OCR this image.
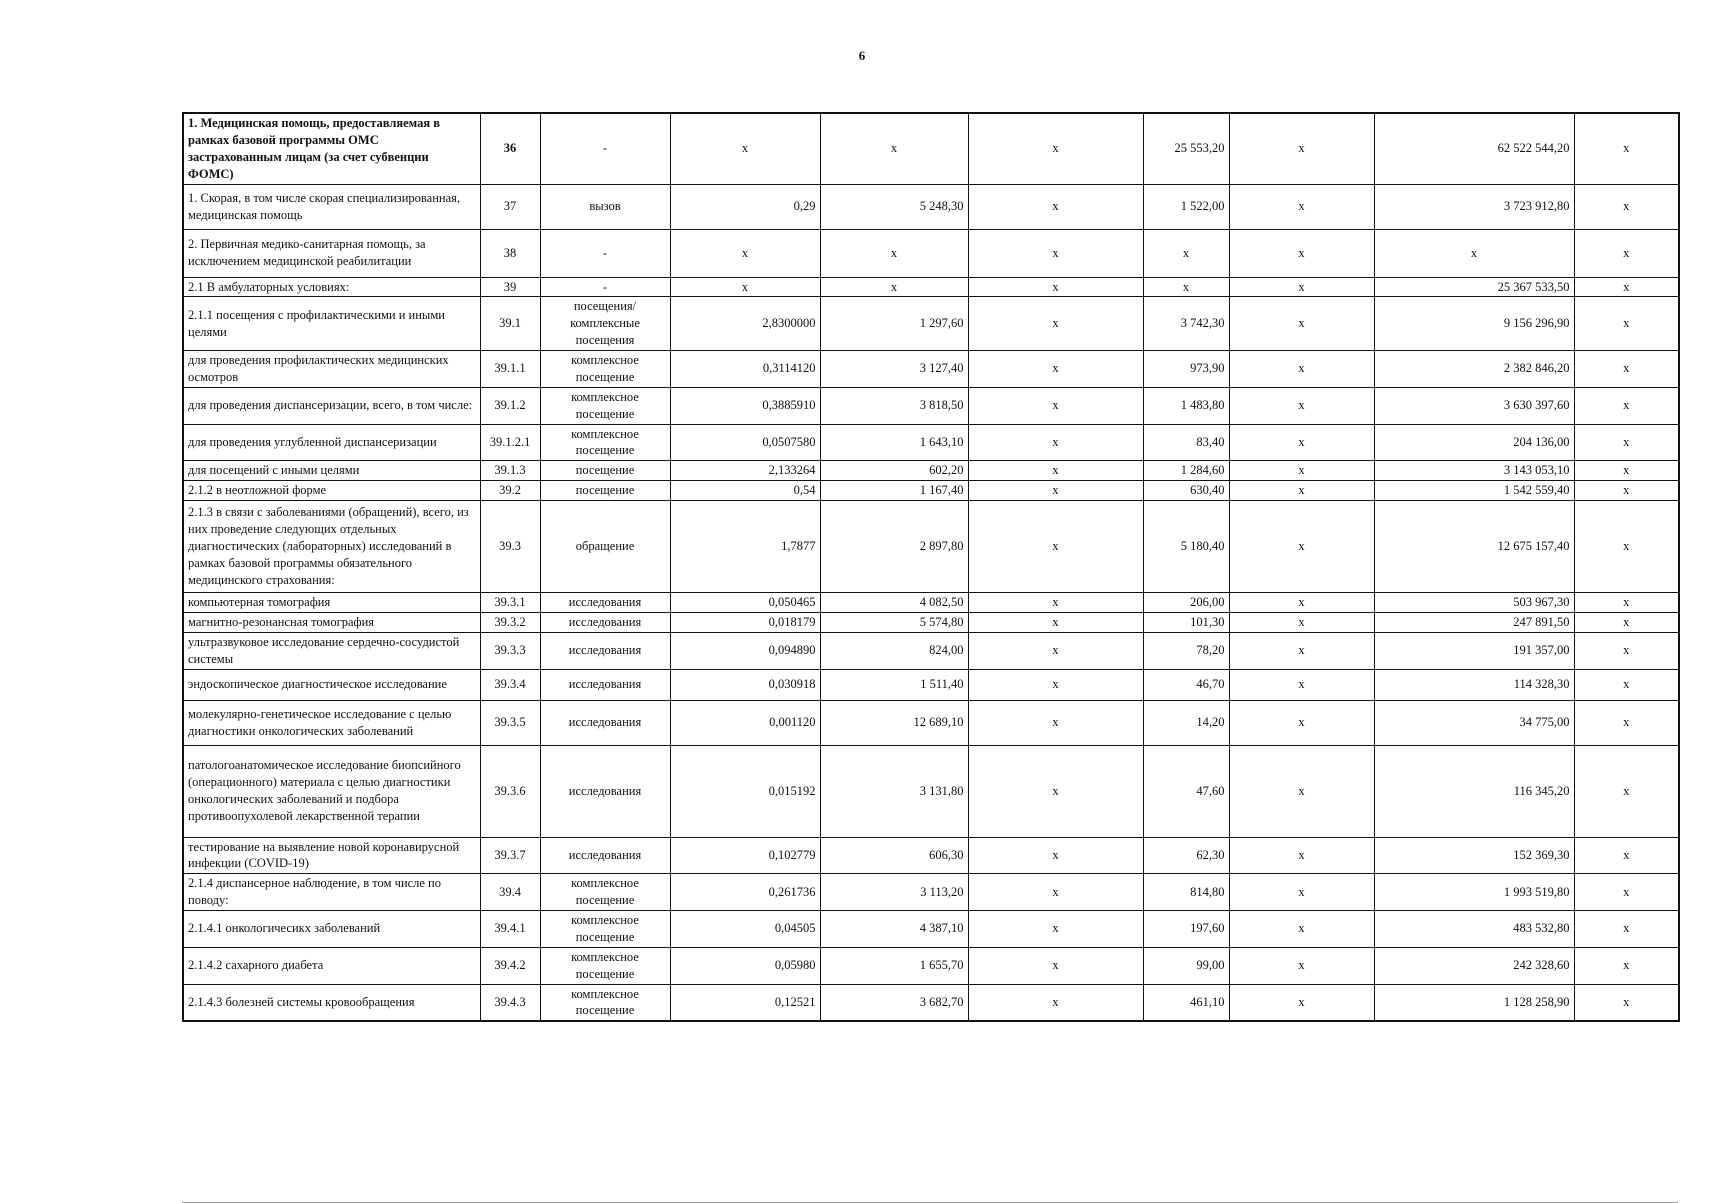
6
1. Медицинская помощь, предоставляемая в рамках базовой программы ОМС застрахованным лицам (за счет субвенции ФОМС)	36	-	х	х	х	25 553,20	х	62 522 544,20	х
1. Скорая, в том числе скорая специализированная, медицинская помощь	37	вызов	0,29	5 248,30	х	1 522,00	х	3 723 912,80	х
2. Первичная медико-санитарная помощь, за исключением медицинской реабилитации	38	-	х	х	х	х	х	х	х
2.1 В амбулаторных условиях:	39	-	х	х	х	х	х	25 367 533,50	х
2.1.1 посещения с профилактическими и иными целями	39.1	посещения/комплексные посещения	2,8300000	1 297,60	х	3 742,30	х	9 156 296,90	х
для проведения профилактических медицинских осмотров	39.1.1	комплексное посещение	0,3114120	3 127,40	х	973,90	х	2 382 846,20	х
для проведения диспансеризации, всего, в том числе:	39.1.2	комплексное посещение	0,3885910	3 818,50	х	1 483,80	х	3 630 397,60	х
для проведения углубленной диспансеризации	39.1.2.1	комплексное посещение	0,0507580	1 643,10	х	83,40	х	204 136,00	х
для посещений с иными целями	39.1.3	посещение	2,133264	602,20	х	1 284,60	х	3 143 053,10	х
2.1.2 в неотложной форме	39.2	посещение	0,54	1 167,40	х	630,40	х	1 542 559,40	х
2.1.3 в связи с заболеваниями (обращений), всего, из них проведение следующих отдельных диагностических (лабораторных) исследований в рамках базовой программы обязательного медицинского страхования:	39.3	обращение	1,7877	2 897,80	х	5 180,40	х	12 675 157,40	х
компьютерная томография	39.3.1	исследования	0,050465	4 082,50	х	206,00	х	503 967,30	х
магнитно-резонансная томография	39.3.2	исследования	0,018179	5 574,80	х	101,30	х	247 891,50	х
ультразвуковое исследование сердечно-сосудистой системы	39.3.3	исследования	0,094890	824,00	х	78,20	х	191 357,00	х
эндоскопическое диагностическое исследование	39.3.4	исследования	0,030918	1 511,40	х	46,70	х	114 328,30	х
молекулярно-генетическое исследование с целью диагностики онкологических заболеваний	39.3.5	исследования	0,001120	12 689,10	х	14,20	х	34 775,00	х
патологоанатомическое исследование биопсийного (операционного) материала с целью диагностики онкологических заболеваний и подбора противоопухолевой лекарственной терапии	39.3.6	исследования	0,015192	3 131,80	х	47,60	х	116 345,20	х
тестирование на выявление новой коронавирусной инфекции (COVID-19)	39.3.7	исследования	0,102779	606,30	х	62,30	х	152 369,30	х
2.1.4 диспансерное наблюдение, в том числе по поводу:	39.4	комплексное посещение	0,261736	3 113,20	х	814,80	х	1 993 519,80	х
2.1.4.1 онкологичесикх заболеваний	39.4.1	комплексное посещение	0,04505	4 387,10	х	197,60	х	483 532,80	х
2.1.4.2 сахарного диабета	39.4.2	комплексное посещение	0,05980	1 655,70	х	99,00	х	242 328,60	х
2.1.4.3 болезней системы кровообращения	39.4.3	комплексное посещение	0,12521	3 682,70	х	461,10	х	1 128 258,90	х
